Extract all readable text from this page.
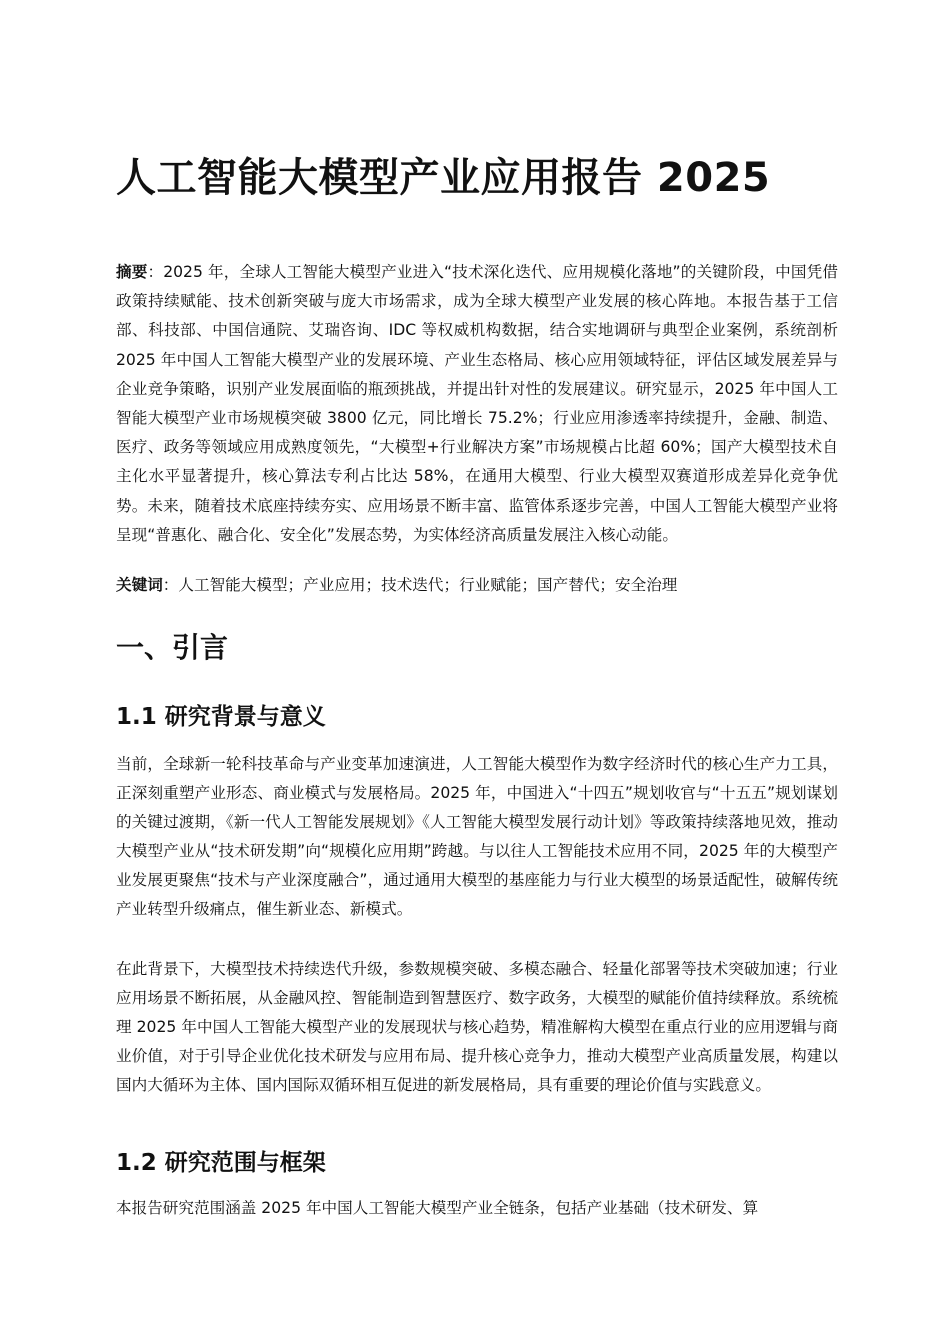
人工智能大模型产业应用报告 2025

摘要：2025 年，全球人工智能大模型产业进入“技术深化迭代、应用规模化落地”的关键阶段，中国凭借政策持续赋能、技术创新突破与庞大市场需求，成为全球大模型产业发展的核心阵地。本报告基于工信部、科技部、中国信通院、艾瑞咨询、IDC 等权威机构数据，结合实地调研与典型企业案例，系统剖析 2025 年中国人工智能大模型产业的发展环境、产业生态格局、核心应用领域特征，评估区域发展差异与企业竞争策略，识别产业发展面临的瓶颈挑战，并提出针对性的发展建议。研究显示，2025 年中国人工智能大模型产业市场规模突破 3800 亿元，同比增长 75.2%；行业应用渗透率持续提升，金融、制造、医疗、政务等领域应用成熟度领先，“大模型+行业解决方案”市场规模占比超 60%；国产大模型技术自主化水平显著提升，核心算法专利占比达 58%，在通用大模型、行业大模型双赛道形成差异化竞争优势。未来，随着技术底座持续夯实、应用场景不断丰富、监管体系逐步完善，中国人工智能大模型产业将呈现“普惠化、融合化、安全化”发展态势，为实体经济高质量发展注入核心动能。

关键词：人工智能大模型；产业应用；技术迭代；行业赋能；国产替代；安全治理

一、引言
1.1 研究背景与意义

当前，全球新一轮科技革命与产业变革加速演进，人工智能大模型作为数字经济时代的核心生产力工具，正深刻重塑产业形态、商业模式与发展格局。2025 年，中国进入“十四五”规划收官与“十五五”规划谋划的关键过渡期，《新一代人工智能发展规划》《人工智能大模型发展行动计划》等政策持续落地见效，推动大模型产业从“技术研发期”向“规模化应用期”跨越。与以往人工智能技术应用不同，2025 年的大模型产业发展更聚焦“技术与产业深度融合”，通过通用大模型的基座能力与行业大模型的场景适配性，破解传统产业转型升级痛点，催生新业态、新模式。

在此背景下，大模型技术持续迭代升级，参数规模突破、多模态融合、轻量化部署等技术突破加速；行业应用场景不断拓展，从金融风控、智能制造到智慧医疗、数字政务，大模型的赋能价值持续释放。系统梳理 2025 年中国人工智能大模型产业的发展现状与核心趋势，精准解构大模型在重点行业的应用逻辑与商业价值，对于引导企业优化技术研发与应用布局、提升核心竞争力，推动大模型产业高质量发展，构建以国内大循环为主体、国内国际双循环相互促进的新发展格局，具有重要的理论价值与实践意义。

1.2 研究范围与框架

本报告研究范围涵盖 2025 年中国人工智能大模型产业全链条，包括产业基础（技术研发、算
